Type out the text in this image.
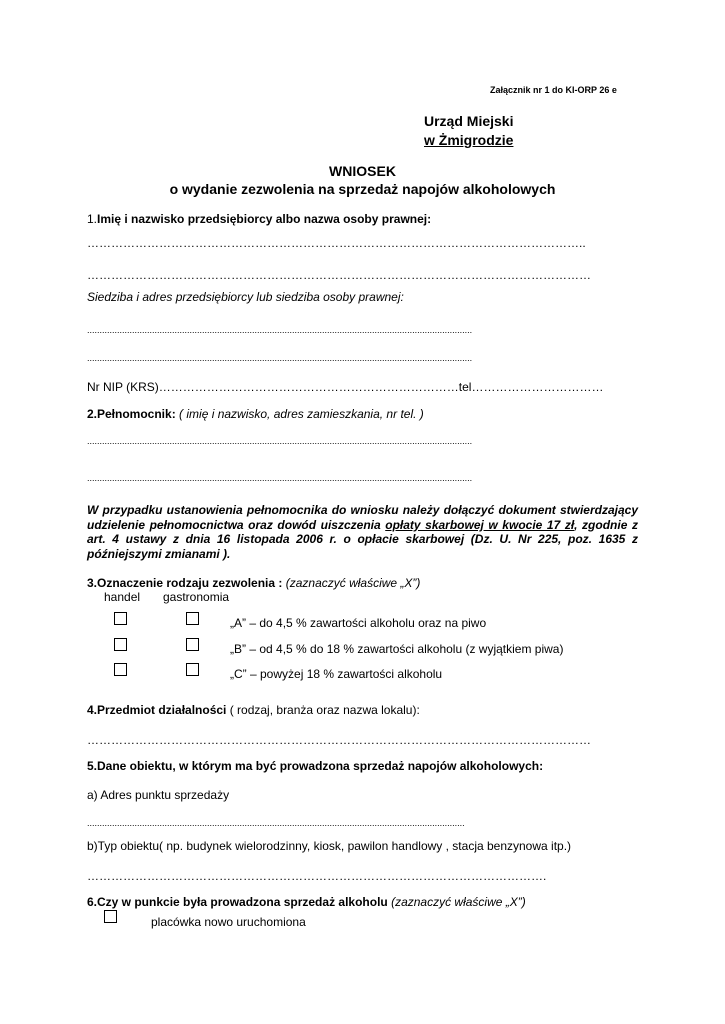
Załącznik nr 1 do KI-ORP 26 e
Urząd Miejski
w Żmigrodzie
WNIOSEK
o wydanie zezwolenia na sprzedaż napojów alkoholowych
1.Imię i nazwisko przedsiębiorcy albo nazwa osoby prawnej:
……………………………………………………………………………………………………………..
………………………………………………………………………………………………………………
Siedziba i adres przedsiębiorcy lub siedziba osoby prawnej:
..........................................................................................................................................................
..........................................................................................................................................................
Nr NIP (KRS)…………………………………………………………………tel……………………………
2.Pełnomocnik: ( imię i nazwisko, adres zamieszkania, nr tel. )
..........................................................................................................................................................
..........................................................................................................................................................
W przypadku ustanowienia pełnomocnika do wniosku należy dołączyć dokument stwierdzający udzielenie pełnomocnictwa oraz dowód uiszczenia opłaty skarbowej w kwocie 17 zł, zgodnie z art. 4 ustawy z dnia 16 listopada 2006 r. o opłacie skarbowej (Dz. U. Nr 225, poz. 1635 z późniejszymi zmianami ).
3.Oznaczenie rodzaju zezwolenia : (zaznaczyć właściwe „X”)
handel gastronomia
„A” – do 4,5 % zawartości alkoholu oraz na piwo
„B” – od 4,5 % do 18 % zawartości alkoholu (z wyjątkiem piwa)
„C” – powyżej 18 % zawartości alkoholu
4.Przedmiot działalności ( rodzaj, branża oraz nazwa lokalu):
………………………………………………………………………………………………………………
5.Dane obiektu, w którym ma być prowadzona sprzedaż napojów alkoholowych:
a) Adres punktu sprzedaży
.......................................................................................................................................................
b)Typ obiektu( np. budynek wielorodzinny, kiosk, pawilon handlowy , stacja benzynowa itp.)
…………………………………………………………………………………………………….
6.Czy w punkcie była prowadzona sprzedaż alkoholu (zaznaczyć właściwe „X”)
placówka nowo uruchomiona
